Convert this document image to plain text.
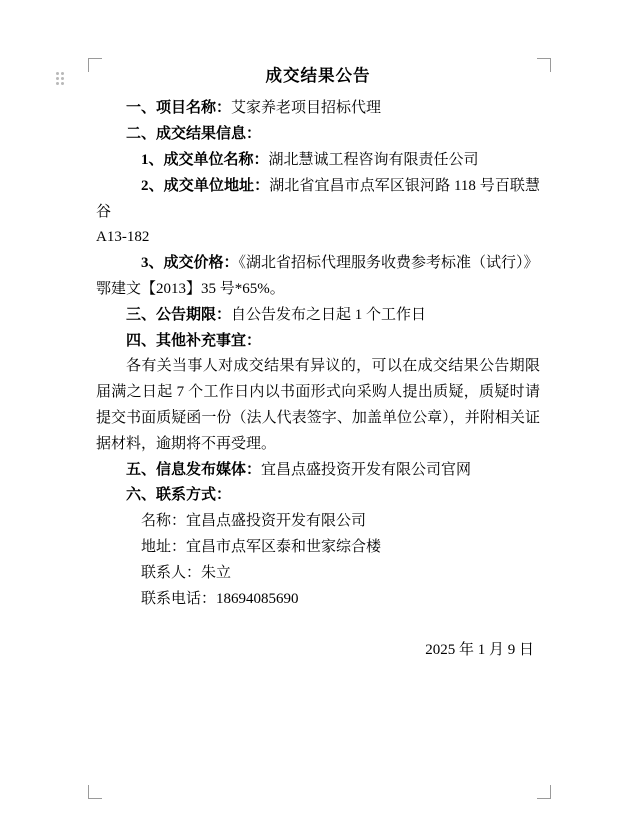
成交结果公告

一、项目名称：艾家养老项目招标代理

二、成交结果信息：

1、成交单位名称：湖北慧诚工程咨询有限责任公司

2、成交单位地址：湖北省宜昌市点军区银河路 118 号百联慧谷

A13-182

3、成交价格：《湖北省招标代理服务收费参考标准（试行）》

鄂建文【2013】35 号*65%。

三、公告期限：自公告发布之日起 1 个工作日

四、其他补充事宜：

各有关当事人对成交结果有异议的，可以在成交结果公告期限届满之日起 7 个工作日内以书面形式向采购人提出质疑，质疑时请提交书面质疑函一份（法人代表签字、加盖单位公章），并附相关证据材料，逾期将不再受理。

五、信息发布媒体：宜昌点盛投资开发有限公司官网

六、联系方式：

名称：宜昌点盛投资开发有限公司

地址：宜昌市点军区泰和世家综合楼

联系人：朱立

联系电话：18694085690

2025 年 1 月 9 日
